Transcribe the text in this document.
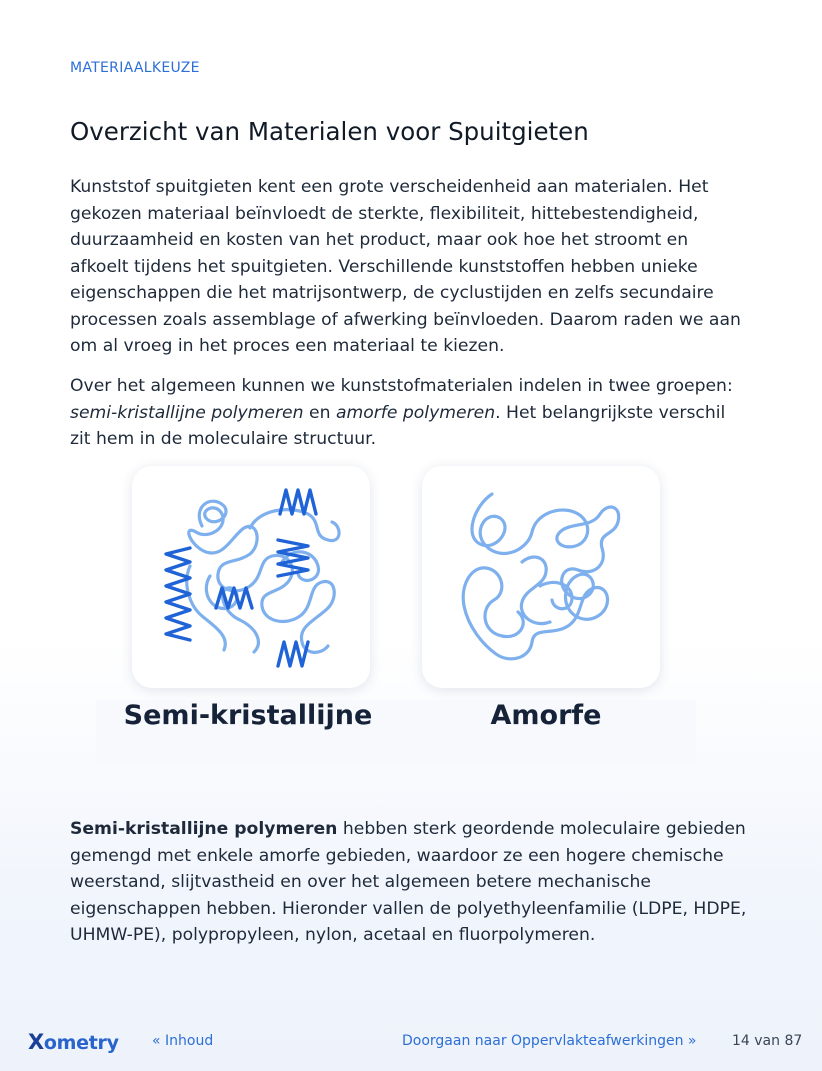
MATERIAALKEUZE
Overzicht van Materialen voor Spuitgieten

Kunststof spuitgieten kent een grote verscheidenheid aan materialen. Het gekozen materiaal beïnvloedt de sterkte, flexibiliteit, hittebestendigheid, duurzaamheid en kosten van het product, maar ook hoe het stroomt en afkoelt tijdens het spuitgieten. Verschillende kunststoffen hebben unieke eigenschappen die het matrijsontwerp, de cyclustijden en zelfs secundaire processen zoals assemblage of afwerking beïnvloeden. Daarom raden we aan om al vroeg in het proces een materiaal te kiezen.

Over het algemeen kunnen we kunststofmaterialen indelen in twee groepen: semi-kristallijne polymeren en amorfe polymeren. Het belangrijkste verschil zit hem in de moleculaire structuur.

Semi-kristallijne	Amorfe

Semi-kristallijne polymeren hebben sterk geordende moleculaire gebieden gemengd met enkele amorfe gebieden, waardoor ze een hogere chemische weerstand, slijtvastheid en over het algemeen betere mechanische eigenschappen hebben. Hieronder vallen de polyethyleenfamilie (LDPE, HDPE, UHMW-PE), polypropyleen, nylon, acetaal en fluorpolymeren.

Xometry « Inhoud	Doorgaan naar Oppervlakteafwerkingen »	14 van 87
